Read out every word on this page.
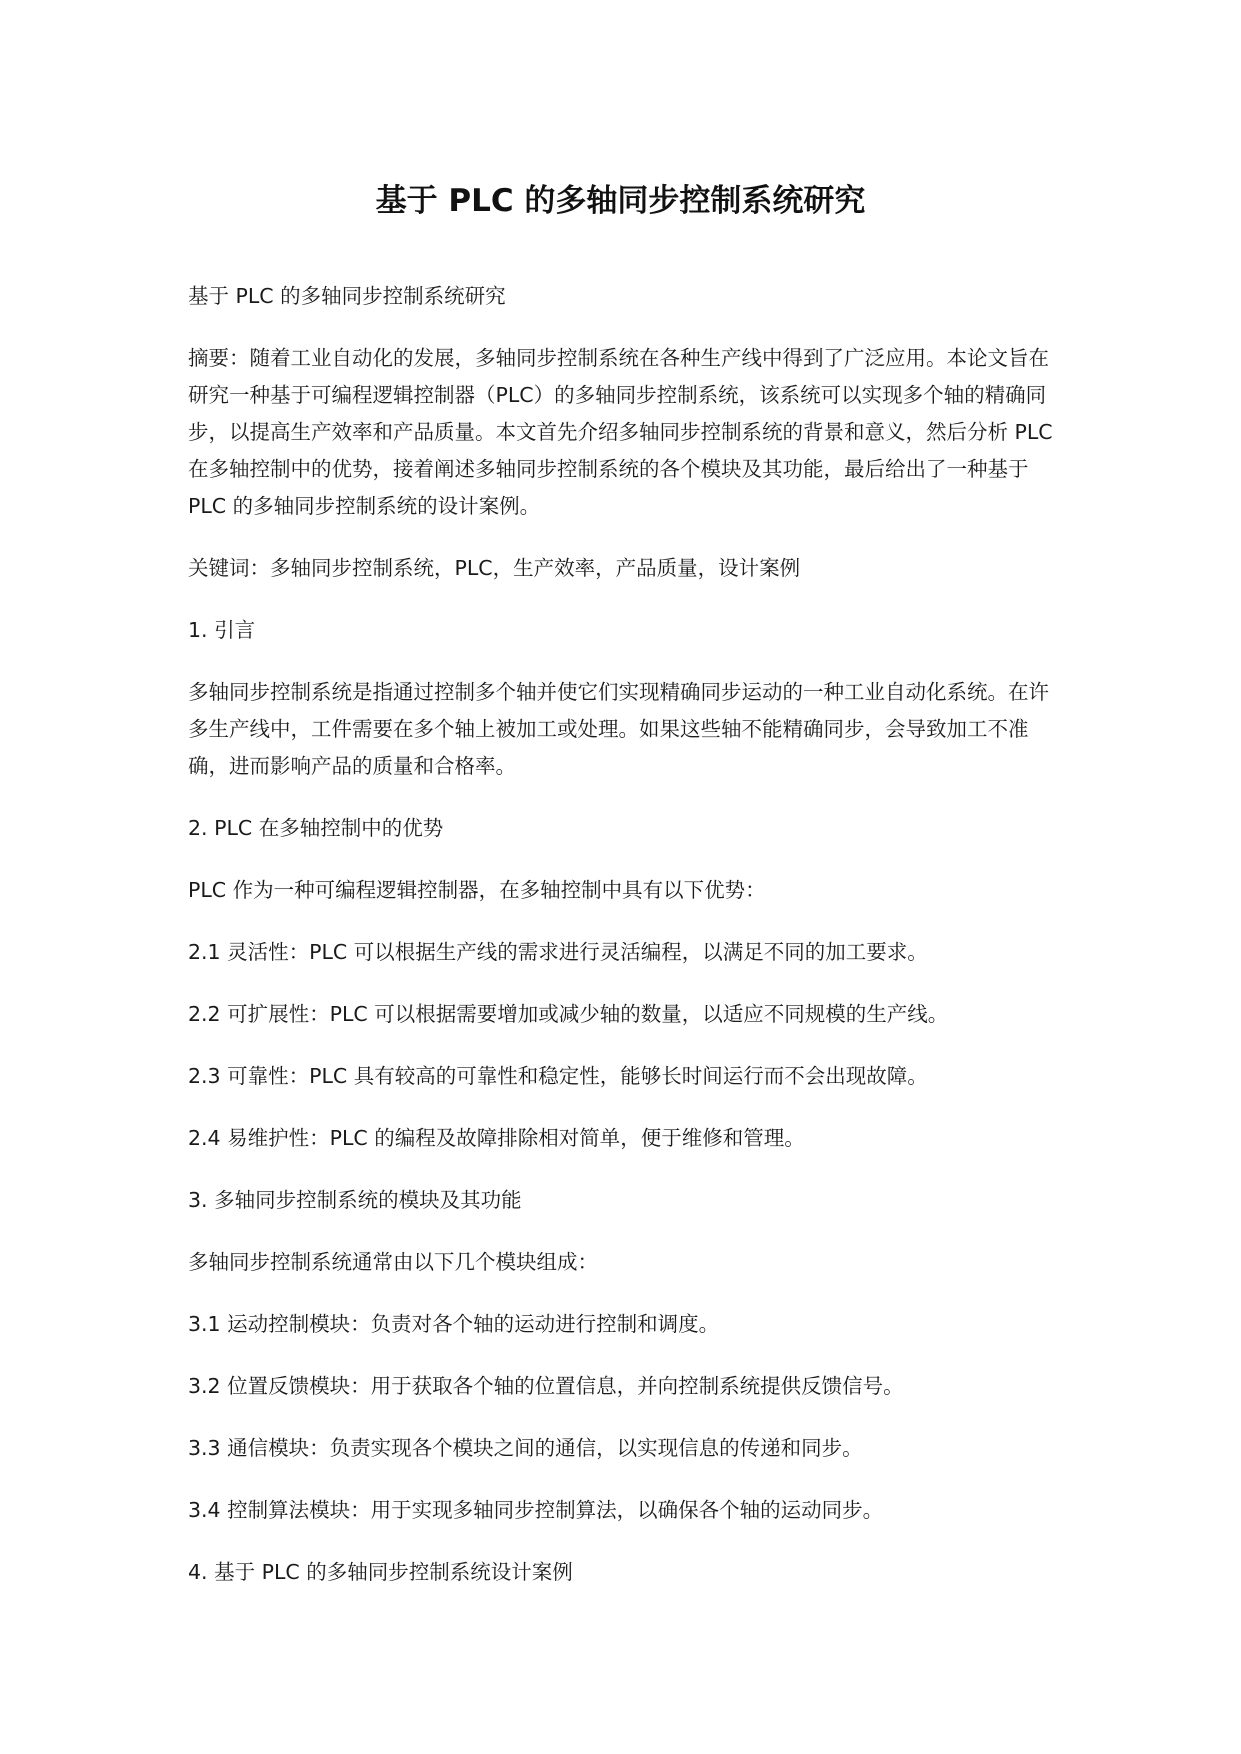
基于 PLC 的多轴同步控制系统研究

基于 PLC 的多轴同步控制系统研究

摘要：随着工业自动化的发展，多轴同步控制系统在各种生产线中得到了广泛应用。本论文旨在研究一种基于可编程逻辑控制器（PLC）的多轴同步控制系统，该系统可以实现多个轴的精确同步，以提高生产效率和产品质量。本文首先介绍多轴同步控制系统的背景和意义，然后分析 PLC 在多轴控制中的优势，接着阐述多轴同步控制系统的各个模块及其功能，最后给出了一种基于 PLC 的多轴同步控制系统的设计案例。

关键词：多轴同步控制系统，PLC，生产效率，产品质量，设计案例

1. 引言

多轴同步控制系统是指通过控制多个轴并使它们实现精确同步运动的一种工业自动化系统。在许多生产线中，工件需要在多个轴上被加工或处理。如果这些轴不能精确同步，会导致加工不准确，进而影响产品的质量和合格率。

2. PLC 在多轴控制中的优势

PLC 作为一种可编程逻辑控制器，在多轴控制中具有以下优势：

2.1 灵活性：PLC 可以根据生产线的需求进行灵活编程，以满足不同的加工要求。

2.2 可扩展性：PLC 可以根据需要增加或减少轴的数量，以适应不同规模的生产线。

2.3 可靠性：PLC 具有较高的可靠性和稳定性，能够长时间运行而不会出现故障。

2.4 易维护性：PLC 的编程及故障排除相对简单，便于维修和管理。

3. 多轴同步控制系统的模块及其功能

多轴同步控制系统通常由以下几个模块组成：

3.1 运动控制模块：负责对各个轴的运动进行控制和调度。

3.2 位置反馈模块：用于获取各个轴的位置信息，并向控制系统提供反馈信号。

3.3 通信模块：负责实现各个模块之间的通信，以实现信息的传递和同步。

3.4 控制算法模块：用于实现多轴同步控制算法，以确保各个轴的运动同步。

4. 基于 PLC 的多轴同步控制系统设计案例
